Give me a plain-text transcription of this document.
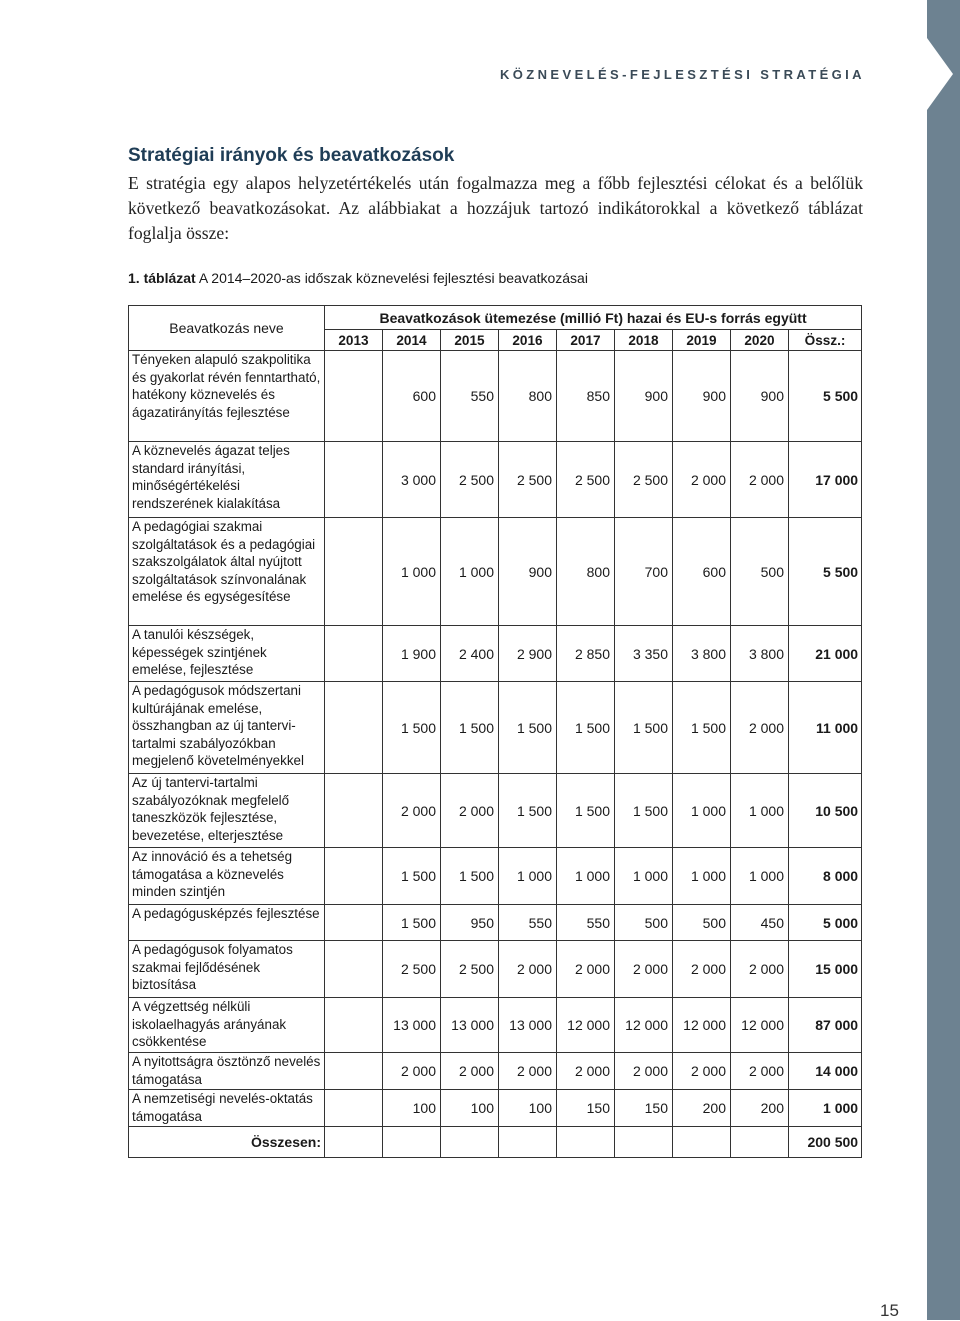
KÖZNEVELÉS-FEJLESZTÉSI STRATÉGIA
Stratégiai irányok és beavatkozások
E stratégia egy alapos helyzetértékelés után fogalmazza meg a főbb fejlesztési célokat és a belőlük következő beavatkozásokat. Az alábbiakat a hozzájuk tartozó indikátorokkal a következő táblázat foglalja össze:
1. táblázat A 2014–2020-as időszak köznevelési fejlesztési beavatkozásai
Beavatkozás neve	Beavatkozások ütemezése (millió Ft) hazai és EU-s forrás együtt								
	2013	2014	2015	2016	2017	2018	2019	2020	Össz.:
Tényeken alapuló szakpolitika és gyakorlat révén fenntartható, hatékony köznevelés és ágazatirányítás fejlesztése		600	550	800	850	900	900	900	5 500
A köznevelés ágazat teljes standard irányítási, minőségértékelési rendszerének kialakítása		3 000	2 500	2 500	2 500	2 500	2 000	2 000	17 000
A pedagógiai szakmai szolgáltatások és a pedagógiai szakszolgálatok által nyújtott szolgáltatások színvonalának emelése és egységesítése		1 000	1 000	900	800	700	600	500	5 500
A tanulói készségek, képességek szintjének emelése, fejlesztése		1 900	2 400	2 900	2 850	3 350	3 800	3 800	21 000
A pedagógusok módszertani kultúrájának emelése, összhangban az új tantervi-tartalmi szabályozókban megjelenő követelményekkel		1 500	1 500	1 500	1 500	1 500	1 500	2 000	11 000
Az új tantervi-tartalmi szabályozóknak megfelelő taneszközök fejlesztése, bevezetése, elterjesztése		2 000	2 000	1 500	1 500	1 500	1 000	1 000	10 500
Az innováció és a tehetség támogatása a köznevelés minden szintjén		1 500	1 500	1 000	1 000	1 000	1 000	1 000	8 000
A pedagógusképzés fejlesztése		1 500	950	550	550	500	500	450	5 000
A pedagógusok folyamatos szakmai fejlődésének biztosítása		2 500	2 500	2 000	2 000	2 000	2 000	2 000	15 000
A végzettség nélküli iskolaelhagyás arányának csökkentése		13 000	13 000	13 000	12 000	12 000	12 000	12 000	87 000
A nyitottságra ösztönző nevelés támogatása		2 000	2 000	2 000	2 000	2 000	2 000	2 000	14 000
A nemzetiségi nevelés-oktatás támogatása		100	100	100	150	150	200	200	1 000
Összesen:									200 500
15
